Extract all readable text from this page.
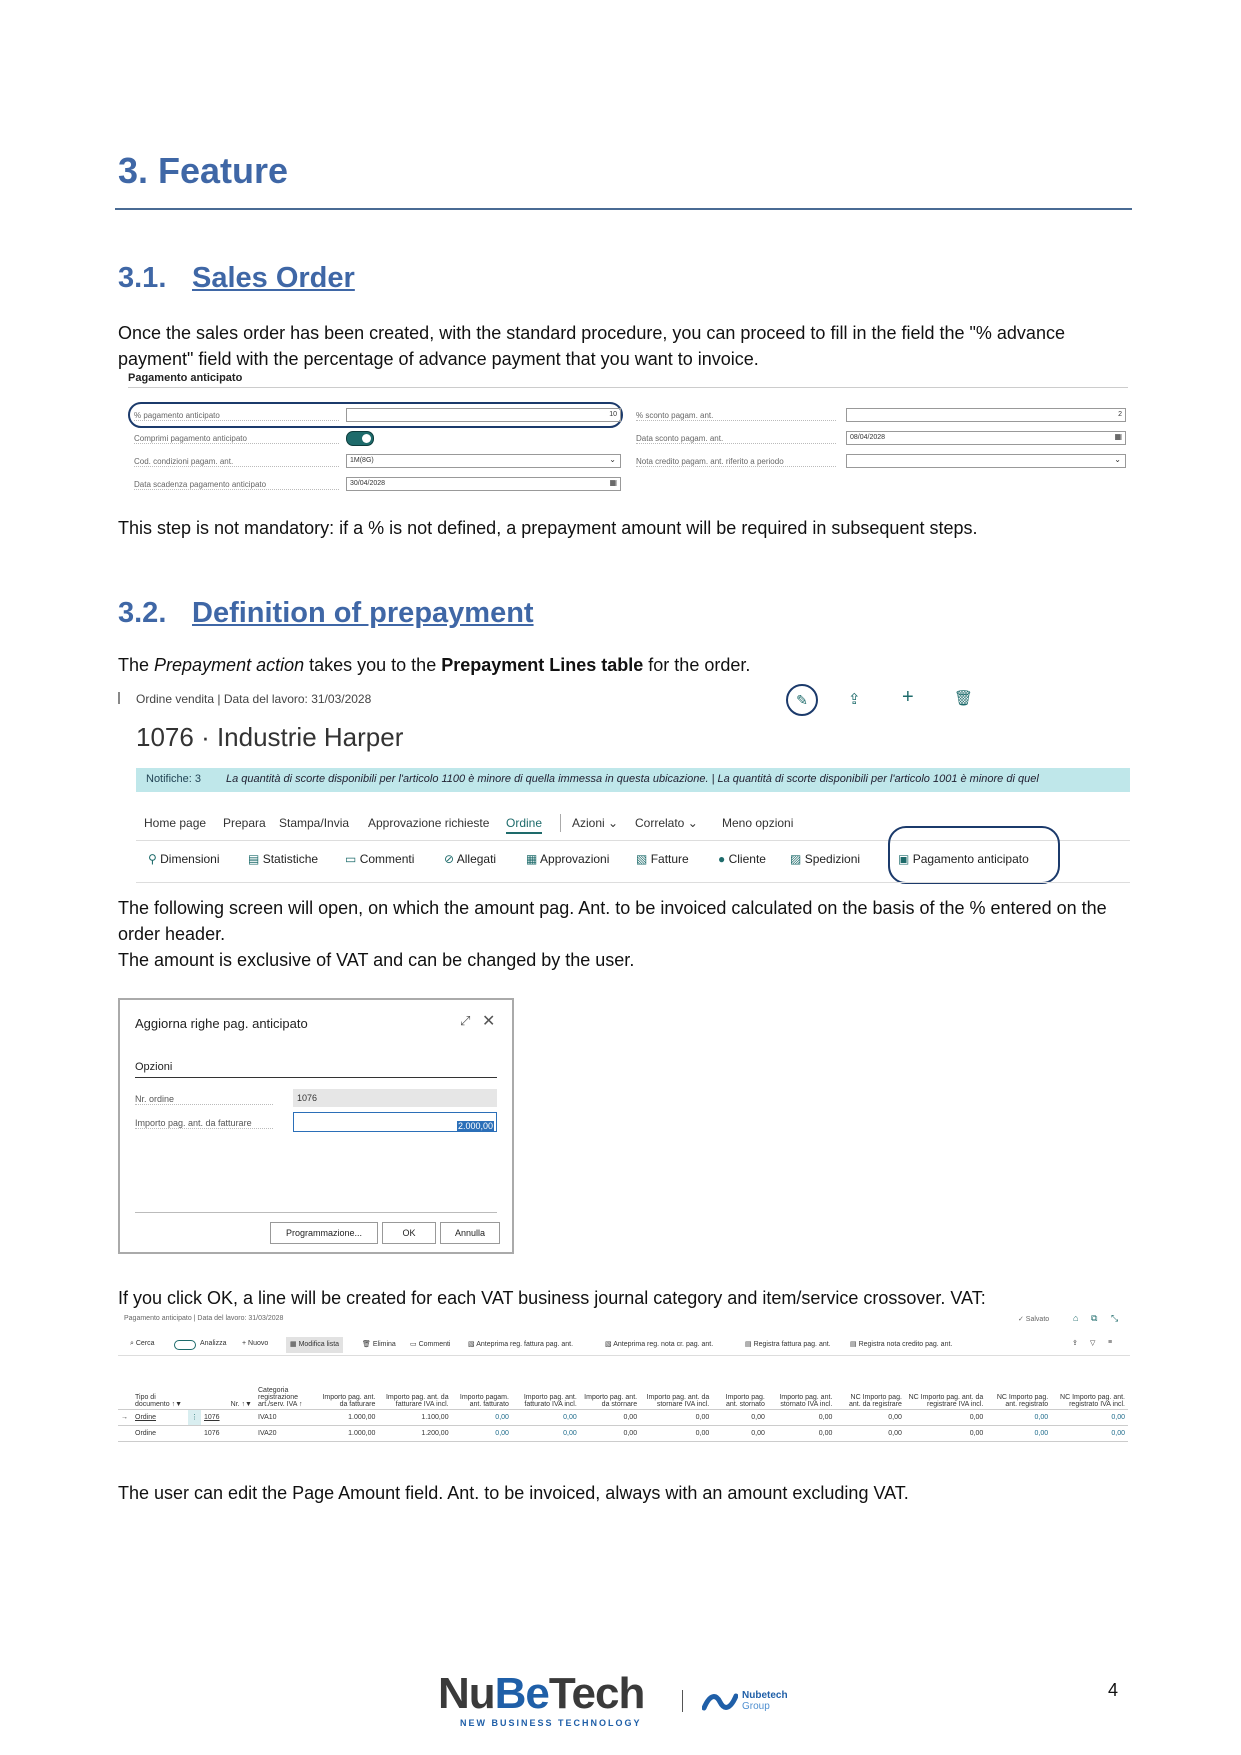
3. Feature
3.1. Sales Order
Once the sales order has been created, with the standard procedure, you can proceed to fill in the field the "% advance payment" field with the percentage of advance payment that you want to invoice.
Pagamento anticipato
% pagamento anticipato	10
Comprimi pagamento anticipato
Cod. condizioni pagam. ant.	1M(8G)	⌄
Data scadenza pagamento anticipato	30/04/2028	▦
% sconto pagam. ant.	2
Data sconto pagam. ant.	08/04/2028	▦
Nota credito pagam. ant. riferito a periodo	⌄
This step is not mandatory: if a % is not defined, a prepayment amount will be required in subsequent steps.
3.2. Definition of prepayment
The Prepayment action takes you to the Prepayment Lines table for the order.
Ordine vendita | Data del lavoro: 31/03/2028	✎	⇪ +	🗑
1076 · Industrie Harper
Notifiche: 3 La quantità di scorte disponibili per l'articolo 1100 è minore di quella immessa in questa ubicazione. | La quantità di scorte disponibili per l'articolo 1001 è minore di quel
Home page Prepara Stampa/Invia Approvazione richieste Ordine Azioni ⌄ Correlato ⌄ Meno opzioni
⚲ Dimensioni ▤ Statistiche ▭ Commenti ⊘ Allegati ▦ Approvazioni ▧ Fatture ● Cliente ▨ Spedizioni	▣ Pagamento anticipato
The following screen will open, on which the amount pag. Ant. to be invoiced calculated on the basis of the % entered on the order header.
The amount is exclusive of VAT and can be changed by the user.
Aggiorna righe pag. anticipato	⤢ ✕
Opzioni
Nr. ordine	1076
Importo pag. ant. da fatturare	2.000,00
Programmazione...	OK	Annulla
If you click OK, a line will be created for each VAT business journal category and item/service crossover. VAT:
Pagamento anticipato | Data del lavoro: 31/03/2028	✓ Salvato	⌂ ⧉ ⤡
⌕ Cerca	Analizza + Nuovo	▦ Modifica lista	🗑 Elimina ▭ Commenti	▧ Anteprima reg. fattura pag. ant.	▧ Anteprima reg. nota cr. pag. ant.	▤ Registra fattura pag. ant.	▤ Registra nota credito pag. ant.	⇪ ▽ ≡
	Tipo di documento ↑▼		Nr. ↑▼	Categoria registrazione art./serv. IVA ↑	Importo pag. ant. da fatturare	Importo pag. ant. da fatturare IVA incl.	Importo pagam. ant. fatturato	Importo pag. ant. fatturato IVA incl.	Importo pag. ant. da stornare	Importo pag. ant. da stornare IVA incl.	Importo pag. ant. stornato	Importo pag. ant. stornato IVA incl.	NC Importo pag. ant. da registrare	NC Importo pag. ant. da registrare IVA incl.	NC Importo pag. ant. registrato	NC Importo pag. ant. registrato IVA incl.
→	Ordine	⋮	1076	IVA10	1.000,00	1.100,00	0,00	0,00	0,00	0,00	0,00	0,00	0,00	0,00	0,00	0,00
	Ordine		1076	IVA20	1.000,00	1.200,00	0,00	0,00	0,00	0,00	0,00	0,00	0,00	0,00	0,00	0,00
The user can edit the Page Amount field. Ant. to be invoiced, always with an amount excluding VAT.
NuBeTech
NEW BUSINESS TECHNOLOGY
Nubetech
Group
4
